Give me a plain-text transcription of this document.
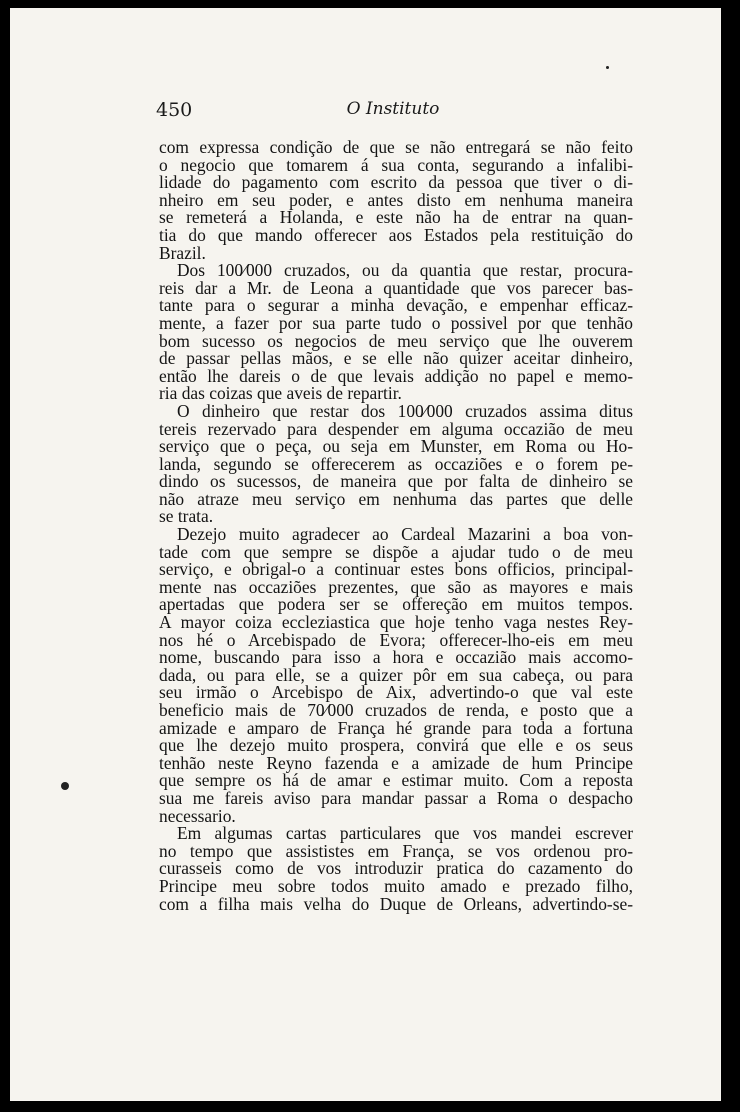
450	O Instituto

com expressa condição de que se não entregará se não feito
o negocio que tomarem á sua conta, segurando a infalibi-
lidade do pagamento com escrito da pessoa que tiver o di-
nheiro em seu poder, e antes disto em nenhuma maneira
se remeterá a Holanda, e este não ha de entrar na quan-
tia do que mando offerecer aos Estados pela restituição do
Brazil.

Dos 100⁄000 cruzados, ou da quantia que restar, procura-
reis dar a Mr. de Leona a quantidade que vos parecer bas-
tante para o segurar a minha devação, e empenhar efficaz-
mente, a fazer por sua parte tudo o possivel por que tenhão
bom sucesso os negocios de meu serviço que lhe ouverem
de passar pellas mãos, e se elle não quizer aceitar dinheiro,
então lhe dareis o de que levais addição no papel e memo-
ria das coizas que aveis de repartir.

O dinheiro que restar dos 100⁄000 cruzados assima ditus
tereis rezervado para despender em alguma occazião de meu
serviço que o peça, ou seja em Munster, em Roma ou Ho-
landa, segundo se offerecerem as occaziões e o forem pe-
dindo os sucessos, de maneira que por falta de dinheiro se
não atraze meu serviço em nenhuma das partes que delle
se trata.

Dezejo muito agradecer ao Cardeal Mazarini a boa von-
tade com que sempre se dispõe a ajudar tudo o de meu
serviço, e obrigal-o a continuar estes bons officios, principal-
mente nas occaziões prezentes, que são as mayores e mais
apertadas que podera ser se offereção em muitos tempos.
A mayor coiza eccleziastica que hoje tenho vaga nestes Rey-
nos hé o Arcebispado de Evora; offerecer-lho-eis em meu
nome, buscando para isso a hora e occazião mais accomo-
dada, ou para elle, se a quizer pôr em sua cabeça, ou para
seu irmão o Arcebispo de Aix, advertindo-o que val este
beneficio mais de 70⁄000 cruzados de renda, e posto que a
amizade e amparo de França hé grande para toda a fortuna
que lhe dezejo muito prospera, convirá que elle e os seus
tenhão neste Reyno fazenda e a amizade de hum Principe
que sempre os há de amar e estimar muito. Com a reposta
sua me fareis aviso para mandar passar a Roma o despacho
necessario.

Em algumas cartas particulares que vos mandei escrever
no tempo que assististes em França, se vos ordenou pro-
curasseis como de vos introduzir pratica do cazamento do
Principe meu sobre todos muito amado e prezado filho,
com a filha mais velha do Duque de Orleans, advertindo-se-
